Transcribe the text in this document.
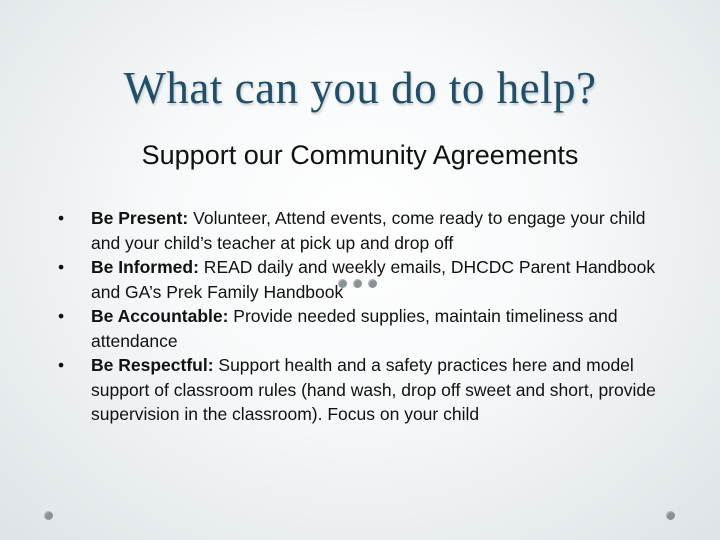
What can you do to help?

Support our Community Agreements

• Be Present: Volunteer, Attend events, come ready to engage your child and your child’s teacher at pick up and drop off
• Be Informed: READ daily and weekly emails, DHCDC Parent Handbook and GA’s Prek Family Handbook
• Be Accountable: Provide needed supplies, maintain timeliness and attendance
• Be Respectful: Support health and a safety practices here and model support of classroom rules (hand wash, drop off sweet and short, provide supervision in the classroom). Focus on your child
